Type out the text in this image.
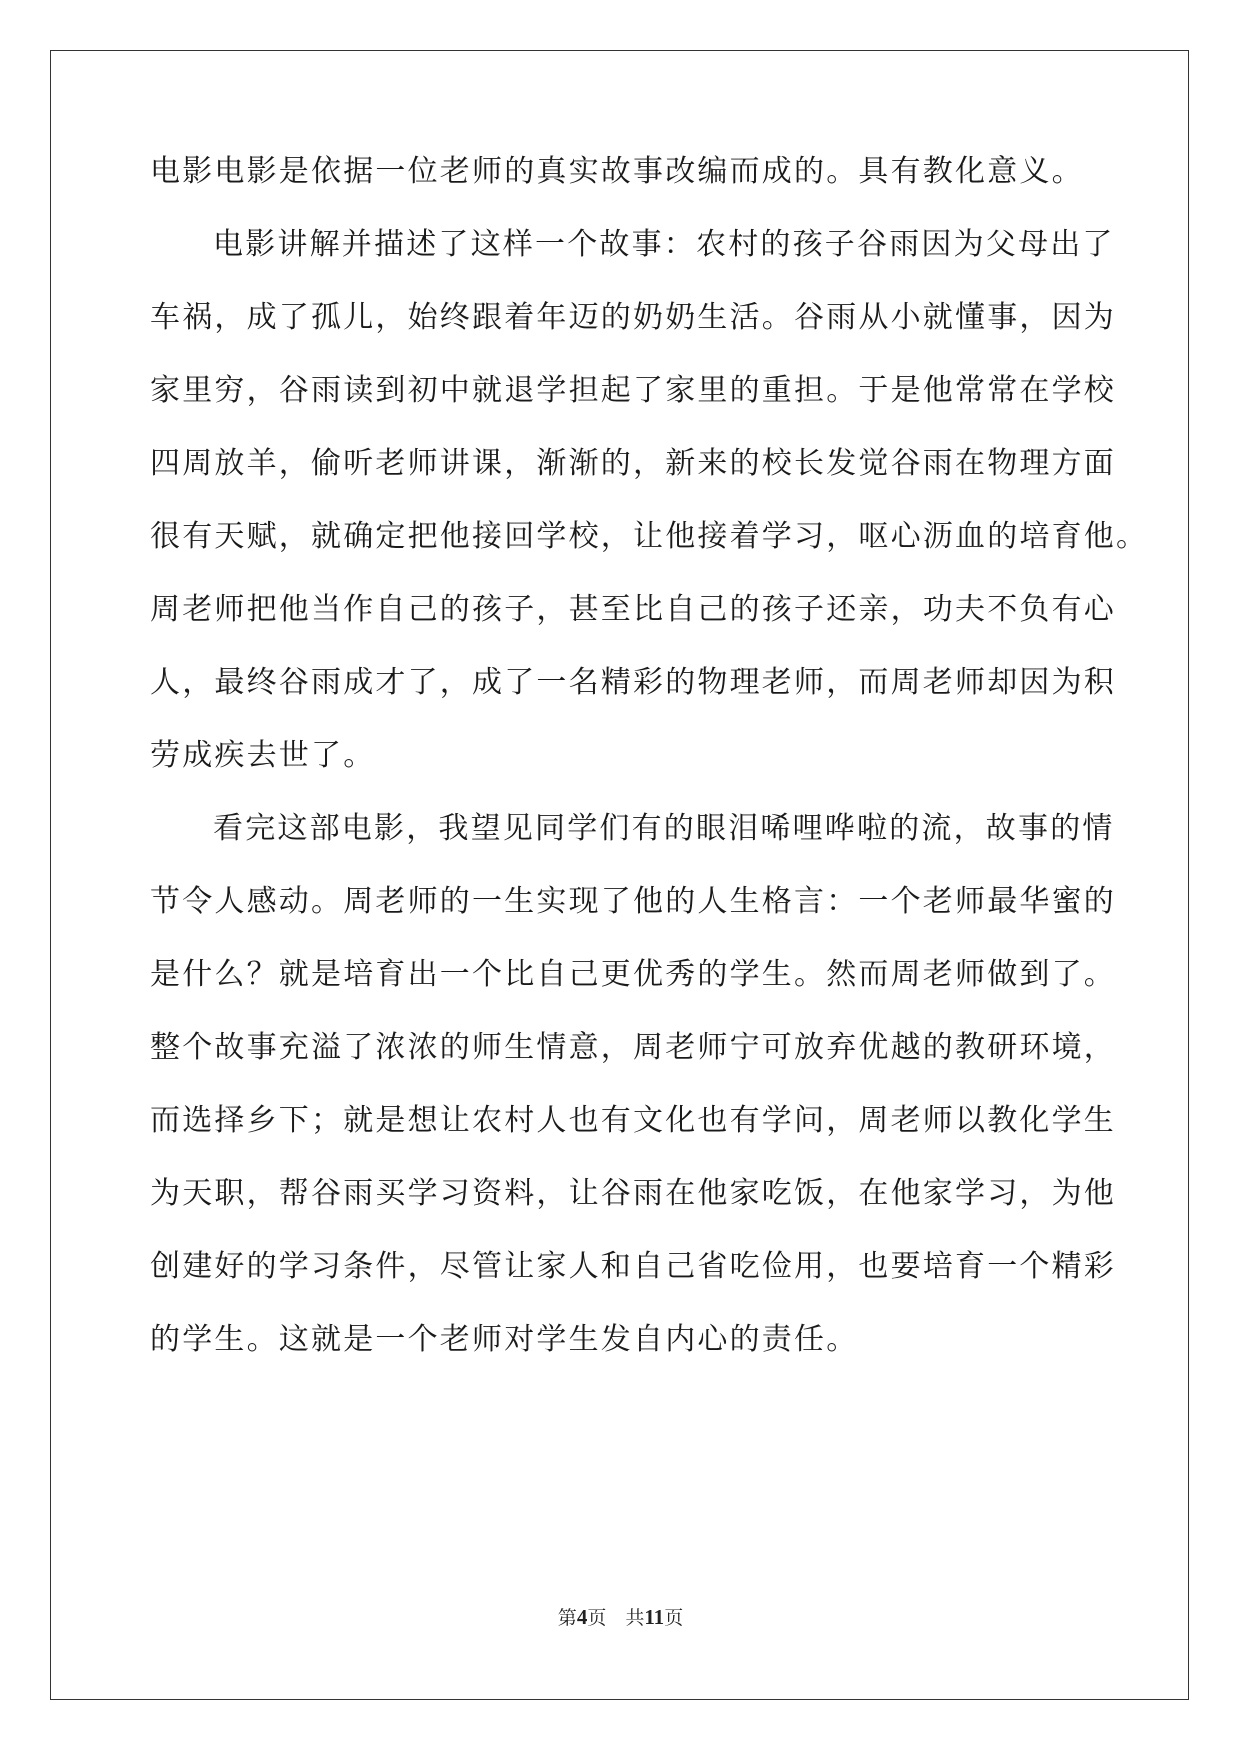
电影电影是依据一位老师的真实故事改编而成的。具有教化意义。
电影讲解并描述了这样一个故事：农村的孩子谷雨因为父母出了
车祸，成了孤儿，始终跟着年迈的奶奶生活。谷雨从小就懂事，因为
家里穷，谷雨读到初中就退学担起了家里的重担。于是他常常在学校
四周放羊，偷听老师讲课，渐渐的，新来的校长发觉谷雨在物理方面
很有天赋，就确定把他接回学校，让他接着学习，呕心沥血的培育他。
周老师把他当作自己的孩子，甚至比自己的孩子还亲，功夫不负有心
人，最终谷雨成才了，成了一名精彩的物理老师，而周老师却因为积
劳成疾去世了。
看完这部电影，我望见同学们有的眼泪唏哩哗啦的流，故事的情
节令人感动。周老师的一生实现了他的人生格言：一个老师最华蜜的
是什么？就是培育出一个比自己更优秀的学生。然而周老师做到了。
整个故事充溢了浓浓的师生情意，周老师宁可放弃优越的教研环境，
而选择乡下；就是想让农村人也有文化也有学问，周老师以教化学生
为天职，帮谷雨买学习资料，让谷雨在他家吃饭，在他家学习，为他
创建好的学习条件，尽管让家人和自己省吃俭用，也要培育一个精彩
的学生。这就是一个老师对学生发自内心的责任。
第4页 共11页
